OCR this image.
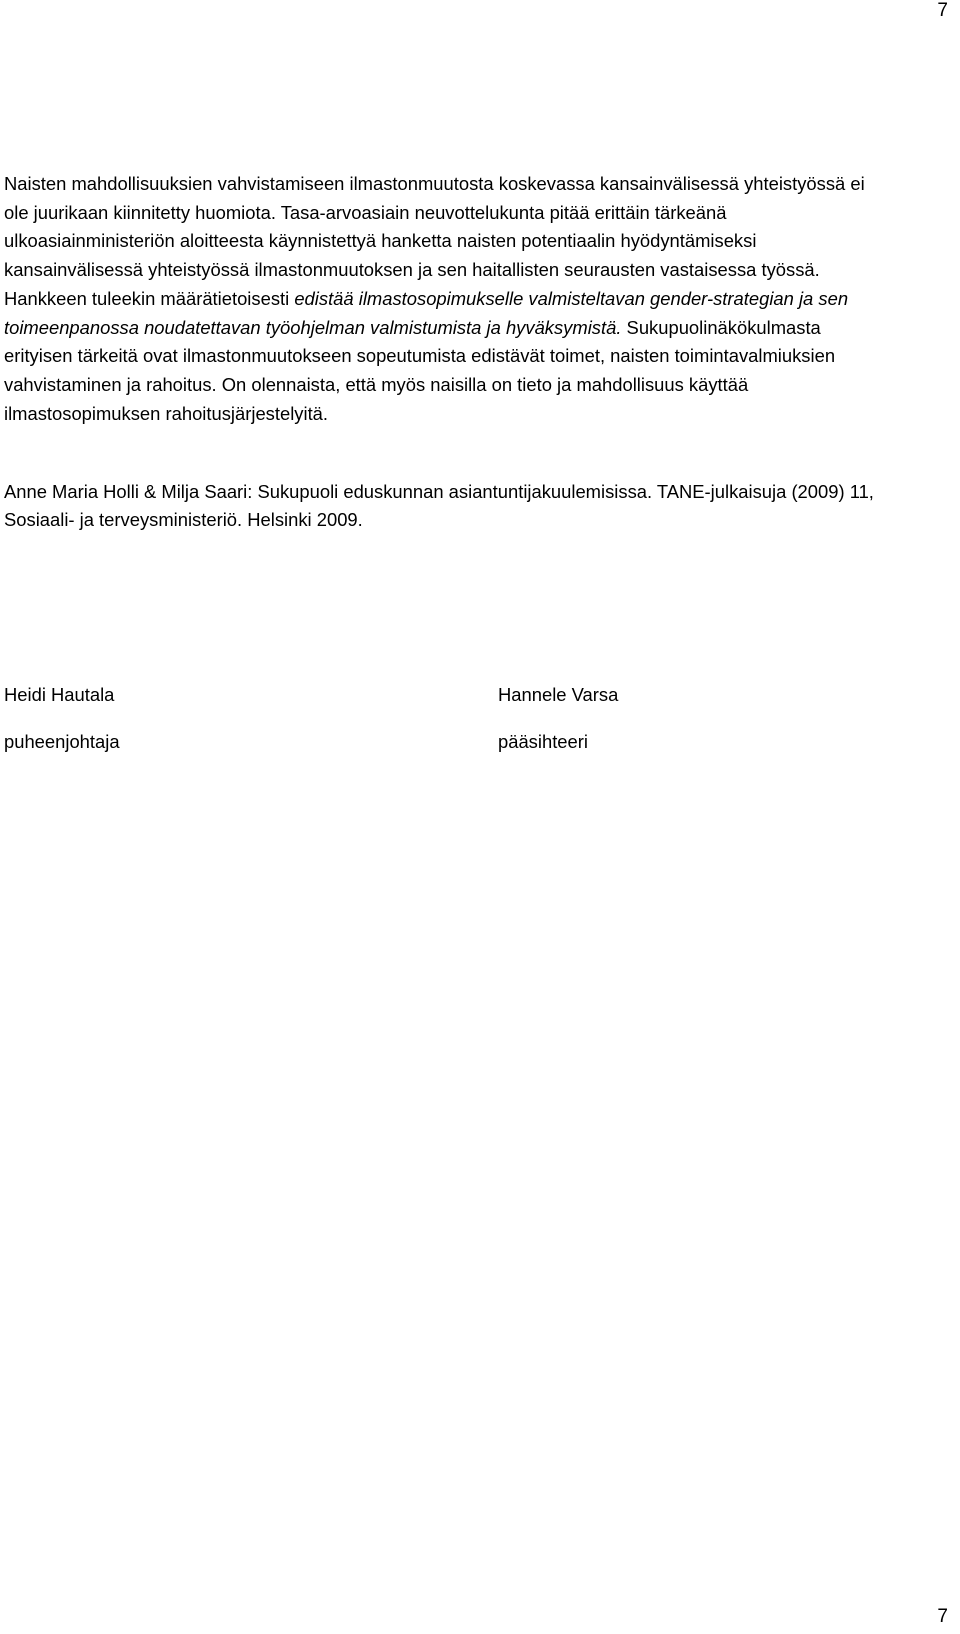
7
Naisten mahdollisuuksien vahvistamiseen ilmastonmuutosta koskevassa kansainvälisessä yhteistyössä ei
ole juurikaan kiinnitetty huomiota. Tasa-arvoasiain neuvottelukunta pitää erittäin tärkeänä
ulkoasiainministeriön aloitteesta käynnistettyä hanketta naisten potentiaalin hyödyntämiseksi
kansainvälisessä yhteistyössä ilmastonmuutoksen ja sen haitallisten seurausten vastaisessa työssä.
Hankkeen tuleekin määrätietoisesti edistää ilmastosopimukselle valmisteltavan gender-strategian ja sen
toimeenpanossa noudatettavan työohjelman valmistumista ja hyväksymistä. Sukupuolinäkökulmasta
erityisen tärkeitä ovat ilmastonmuutokseen sopeutumista edistävät toimet, naisten toimintavalmiuksien
vahvistaminen ja rahoitus. On olennaista, että myös naisilla on tieto ja mahdollisuus käyttää
ilmastosopimuksen rahoitusjärjestelyitä.
Anne Maria Holli & Milja Saari: Sukupuoli eduskunnan asiantuntijakuulemisissa. TANE-julkaisuja (2009) 11,
Sosiaali- ja terveysministeriö. Helsinki 2009.
Heidi Hautala
puheenjohtaja
Hannele Varsa
pääsihteeri
7
